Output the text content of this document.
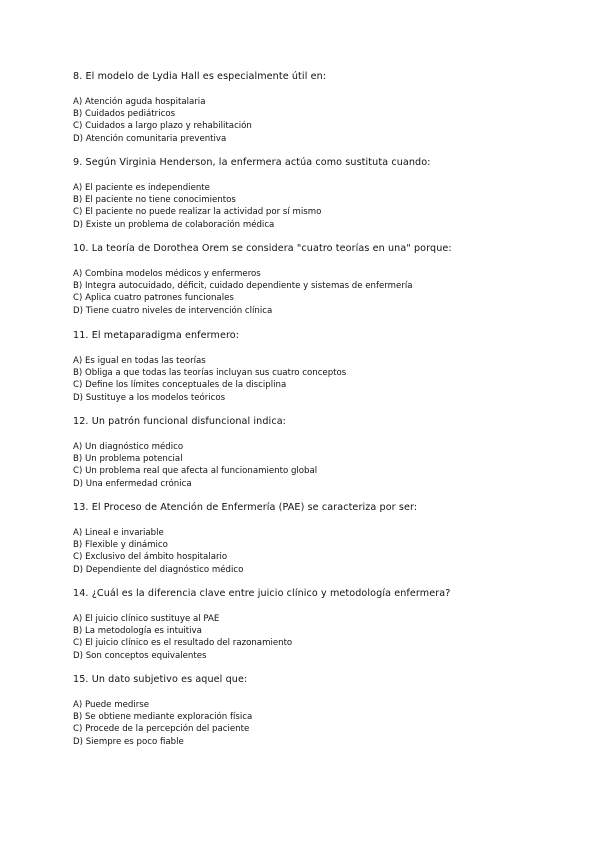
8. El modelo de Lydia Hall es especialmente útil en:

A) Atención aguda hospitalaria
B) Cuidados pediátricos
C) Cuidados a largo plazo y rehabilitación
D) Atención comunitaria preventiva

9. Según Virginia Henderson, la enfermera actúa como sustituta cuando:

A) El paciente es independiente
B) El paciente no tiene conocimientos
C) El paciente no puede realizar la actividad por sí mismo
D) Existe un problema de colaboración médica

10. La teoría de Dorothea Orem se considera "cuatro teorías en una" porque:

A) Combina modelos médicos y enfermeros
B) Integra autocuidado, déficit, cuidado dependiente y sistemas de enfermería
C) Aplica cuatro patrones funcionales
D) Tiene cuatro niveles de intervención clínica

11. El metaparadigma enfermero:

A) Es igual en todas las teorías
B) Obliga a que todas las teorías incluyan sus cuatro conceptos
C) Define los límites conceptuales de la disciplina
D) Sustituye a los modelos teóricos

12. Un patrón funcional disfuncional indica:

A) Un diagnóstico médico
B) Un problema potencial
C) Un problema real que afecta al funcionamiento global
D) Una enfermedad crónica

13. El Proceso de Atención de Enfermería (PAE) se caracteriza por ser:

A) Lineal e invariable
B) Flexible y dinámico
C) Exclusivo del ámbito hospitalario
D) Dependiente del diagnóstico médico

14. ¿Cuál es la diferencia clave entre juicio clínico y metodología enfermera?

A) El juicio clínico sustituye al PAE
B) La metodología es intuitiva
C) El juicio clínico es el resultado del razonamiento
D) Son conceptos equivalentes

15. Un dato subjetivo es aquel que:

A) Puede medirse
B) Se obtiene mediante exploración física
C) Procede de la percepción del paciente
D) Siempre es poco fiable
